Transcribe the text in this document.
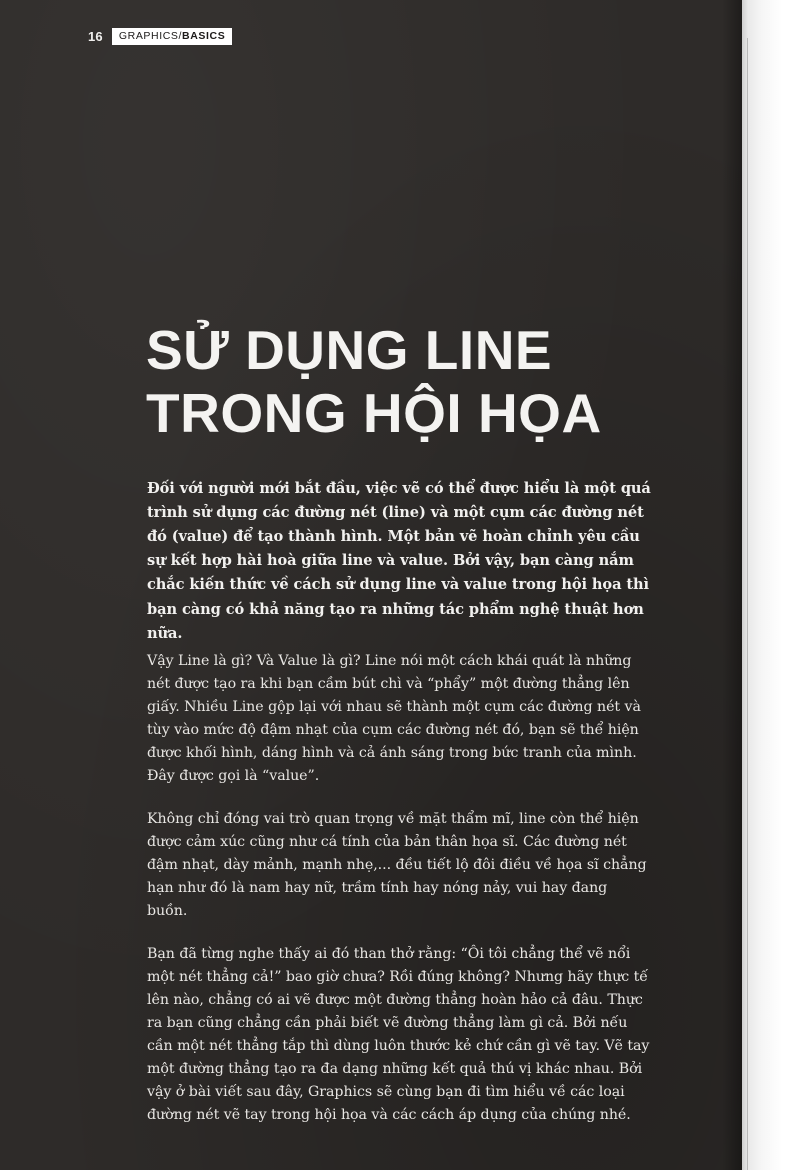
16	GRAPHICS/BASICS
SỬ DỤNG LINE
TRONG HỘI HỌA

Đối với người mới bắt đầu, việc vẽ có thể được hiểu là một quá trình sử dụng các đường nét (line) và một cụm các đường nét đó (value) để tạo thành hình. Một bản vẽ hoàn chỉnh yêu cầu sự kết hợp hài hoà giữa line và value. Bởi vậy, bạn càng nắm chắc kiến thức về cách sử dụng line và value trong hội họa thì bạn càng có khả năng tạo ra những tác phẩm nghệ thuật hơn nữa.

Vậy Line là gì? Và Value là gì? Line nói một cách khái quát là những nét được tạo ra khi bạn cầm bút chì và “phẩy” một đường thẳng lên giấy. Nhiều Line gộp lại với nhau sẽ thành một cụm các đường nét và tùy vào mức độ đậm nhạt của cụm các đường nét đó, bạn sẽ thể hiện được khối hình, dáng hình và cả ánh sáng trong bức tranh của mình. Đây được gọi là “value”.

Không chỉ đóng vai trò quan trọng về mặt thẩm mĩ, line còn thể hiện được cảm xúc cũng như cá tính của bản thân họa sĩ. Các đường nét đậm nhạt, dày mảnh, mạnh nhẹ,... đều tiết lộ đôi điều về họa sĩ chẳng hạn như đó là nam hay nữ, trầm tính hay nóng nảy, vui hay đang buồn.

Bạn đã từng nghe thấy ai đó than thở rằng: “Ôi tôi chẳng thể vẽ nổi một nét thẳng cả!” bao giờ chưa? Rồi đúng không? Nhưng hãy thực tế lên nào, chẳng có ai vẽ được một đường thẳng hoàn hảo cả đâu. Thực ra bạn cũng chẳng cần phải biết vẽ đường thẳng làm gì cả. Bởi nếu cần một nét thẳng tắp thì dùng luôn thước kẻ chứ cần gì vẽ tay. Vẽ tay một đường thẳng tạo ra đa dạng những kết quả thú vị khác nhau. Bởi vậy ở bài viết sau đây, Graphics sẽ cùng bạn đi tìm hiểu về các loại đường nét vẽ tay trong hội họa và các cách áp dụng của chúng nhé.
